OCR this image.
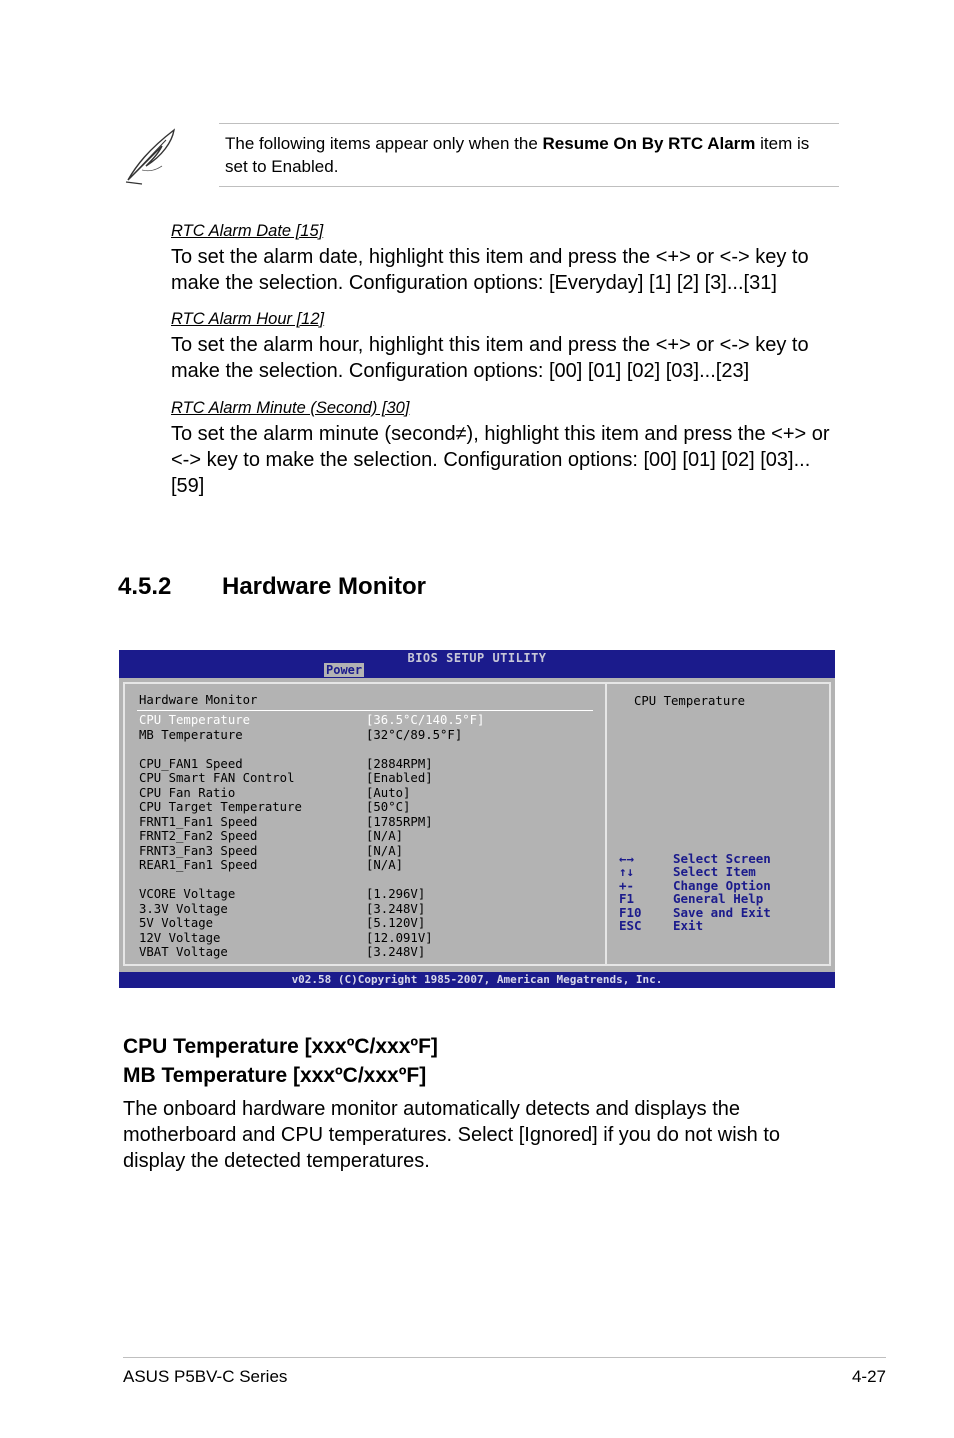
The following items appear only when the Resume On By RTC Alarm item is set to Enabled.
RTC Alarm Date [15]
To set the alarm date, highlight this item and press the <+> or <-> key to make the selection. Configuration options: [Everyday] [1] [2] [3]...[31]
RTC Alarm Hour [12]
To set the alarm hour, highlight this item and press the <+> or <-> key to make the selection. Configuration options: [00] [01] [02] [03]...[23]
RTC Alarm Minute (Second) [30]
To set the alarm minute (second≠), highlight this item and press the <+> or <-> key to make the selection. Configuration options: [00] [01] [02] [03]...[59]
4.5.2 Hardware Monitor
BIOS SETUP UTILITY
Power
Hardware Monitor
CPU Temperature	[36.5°C/140.5°F]
MB Temperature	[32°C/89.5°F]
CPU_FAN1 Speed	[2884RPM]
CPU Smart FAN Control	[Enabled]
CPU Fan Ratio	[Auto]
CPU Target Temperature	[50°C]
FRNT1_Fan1 Speed	[1785RPM]
FRNT2_Fan2 Speed	[N/A]
FRNT3_Fan3 Speed	[N/A]
REAR1_Fan1 Speed	[N/A]
VCORE Voltage	[1.296V]
3.3V Voltage	[3.248V]
5V Voltage	[5.120V]
12V Voltage	[12.091V]
VBAT Voltage	[3.248V]
CPU Temperature
←→	Select Screen
↑↓	Select Item
+-	Change Option
F1	General Help
F10	Save and Exit
ESC	Exit
v02.58 (C)Copyright 1985-2007, American Megatrends, Inc.
CPU Temperature [xxxºC/xxxºF]
MB Temperature [xxxºC/xxxºF]
The onboard hardware monitor automatically detects and displays the motherboard and CPU temperatures. Select [Ignored] if you do not wish to display the detected temperatures.
ASUS P5BV-C Series	4-27
